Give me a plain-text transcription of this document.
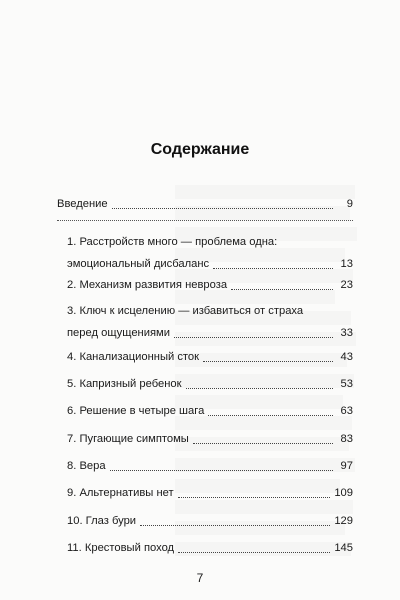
Содержание
Введение	9
1. Расстройств много — проблема одна:
эмоциональный дисбаланс	13
2. Механизм развития невроза	23
3. Ключ к исцелению — избавиться от страха
перед ощущениями	33
4. Канализационный сток	43
5. Капризный ребенок	53
6. Решение в четыре шага	63
7. Пугающие симптомы	83
8. Вера	97
9. Альтернативы нет	109
10. Глаз бури	129
11. Крестовый поход	145
7
